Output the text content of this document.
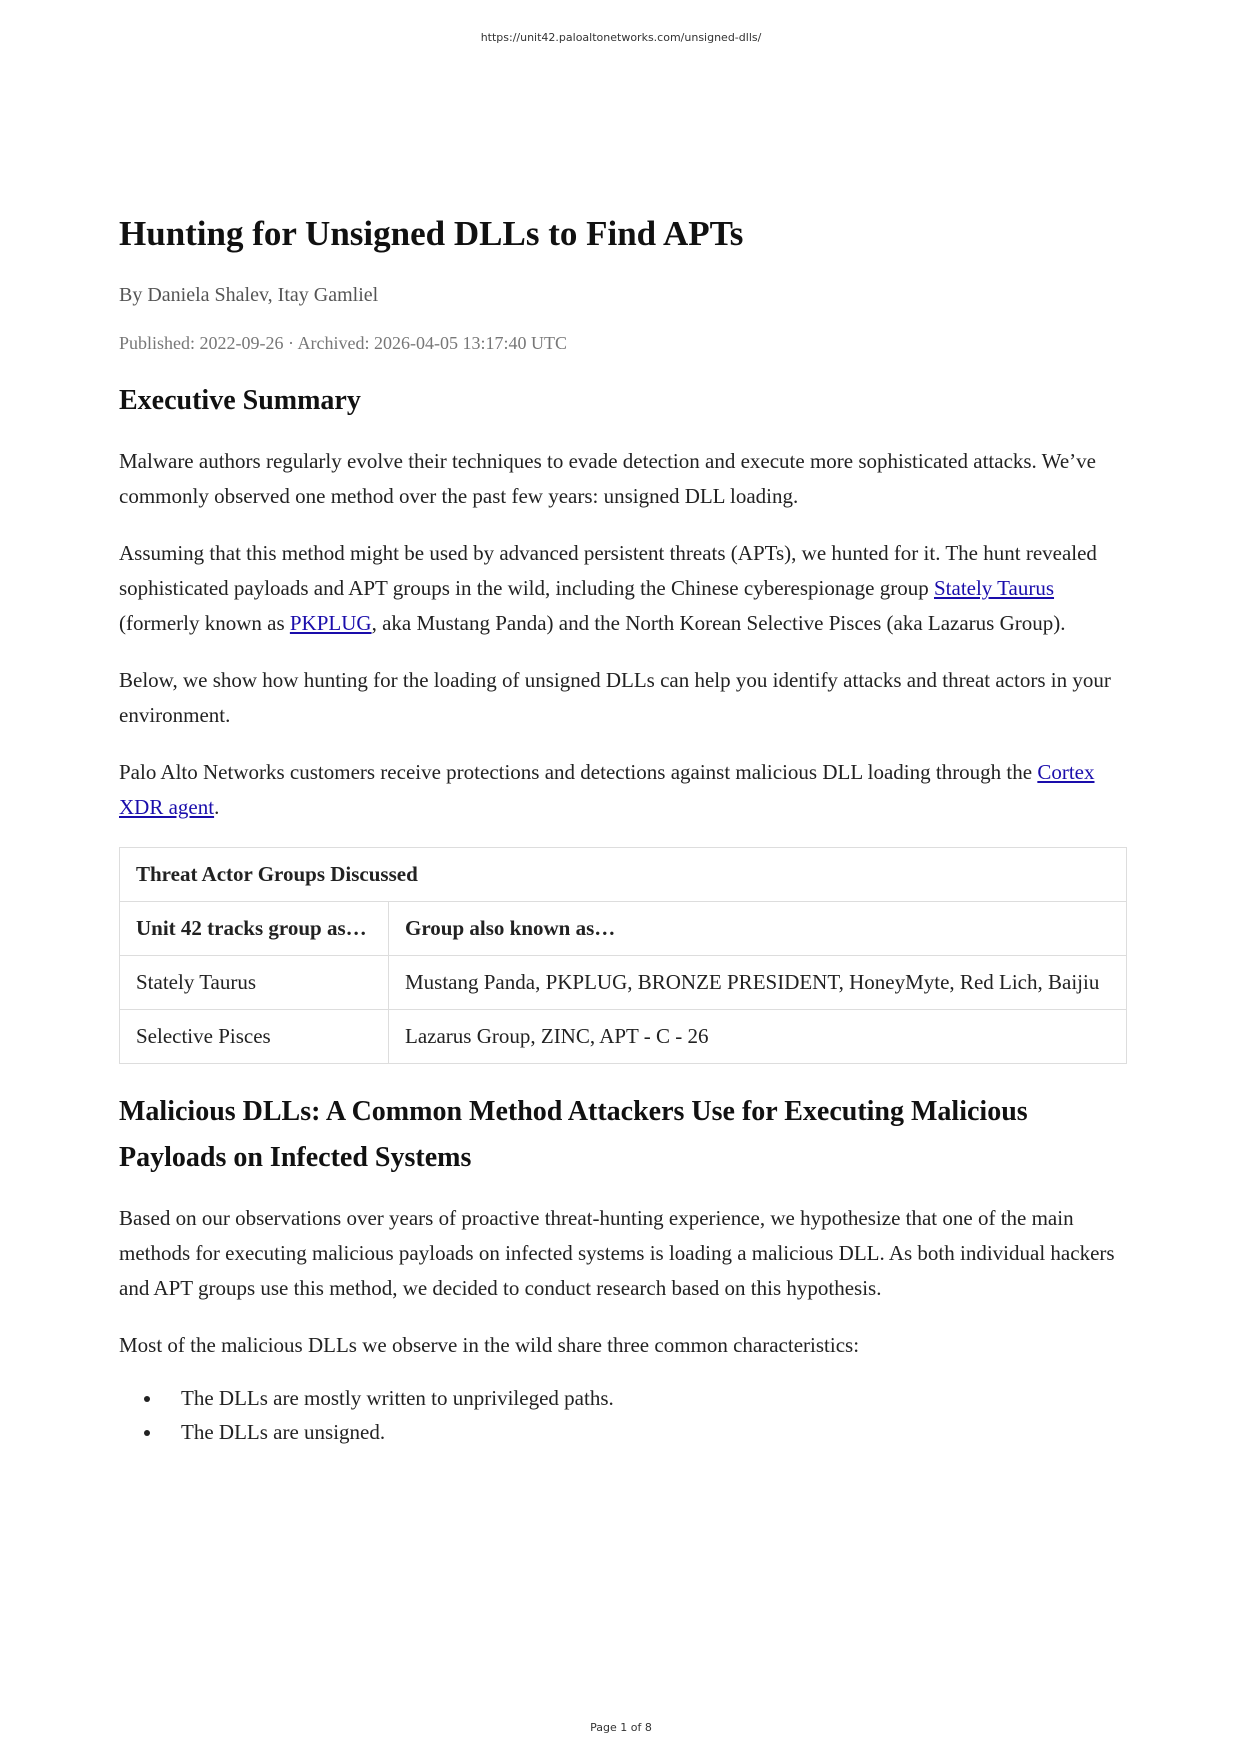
https://unit42.paloaltonetworks.com/unsigned-dlls/
Hunting for Unsigned DLLs to Find APTs
By Daniela Shalev, Itay Gamliel
Published: 2022-09-26 · Archived: 2026-04-05 13:17:40 UTC
Executive Summary

Malware authors regularly evolve their techniques to evade detection and execute more sophisticated attacks. We’ve commonly observed one method over the past few years: unsigned DLL loading.

Assuming that this method might be used by advanced persistent threats (APTs), we hunted for it. The hunt revealed sophisticated payloads and APT groups in the wild, including the Chinese cyberespionage group Stately Taurus (formerly known as PKPLUG, aka Mustang Panda) and the North Korean Selective Pisces (aka Lazarus Group).

Below, we show how hunting for the loading of unsigned DLLs can help you identify attacks and threat actors in your environment.

Palo Alto Networks customers receive protections and detections against malicious DLL loading through the Cortex XDR agent.

Threat Actor Groups Discussed	
Unit 42 tracks group as…	Group also known as…
Stately Taurus	Mustang Panda, PKPLUG, BRONZE PRESIDENT, HoneyMyte, Red Lich, Baijiu
Selective Pisces	Lazarus Group, ZINC, APT - C - 26
Malicious DLLs: A Common Method Attackers Use for Executing Malicious Payloads on Infected Systems

Based on our observations over years of proactive threat-hunting experience, we hypothesize that one of the main methods for executing malicious payloads on infected systems is loading a malicious DLL. As both individual hackers and APT groups use this method, we decided to conduct research based on this hypothesis.

Most of the malicious DLLs we observe in the wild share three common characteristics:

• The DLLs are mostly written to unprivileged paths.
• The DLLs are unsigned.
Page 1 of 8
